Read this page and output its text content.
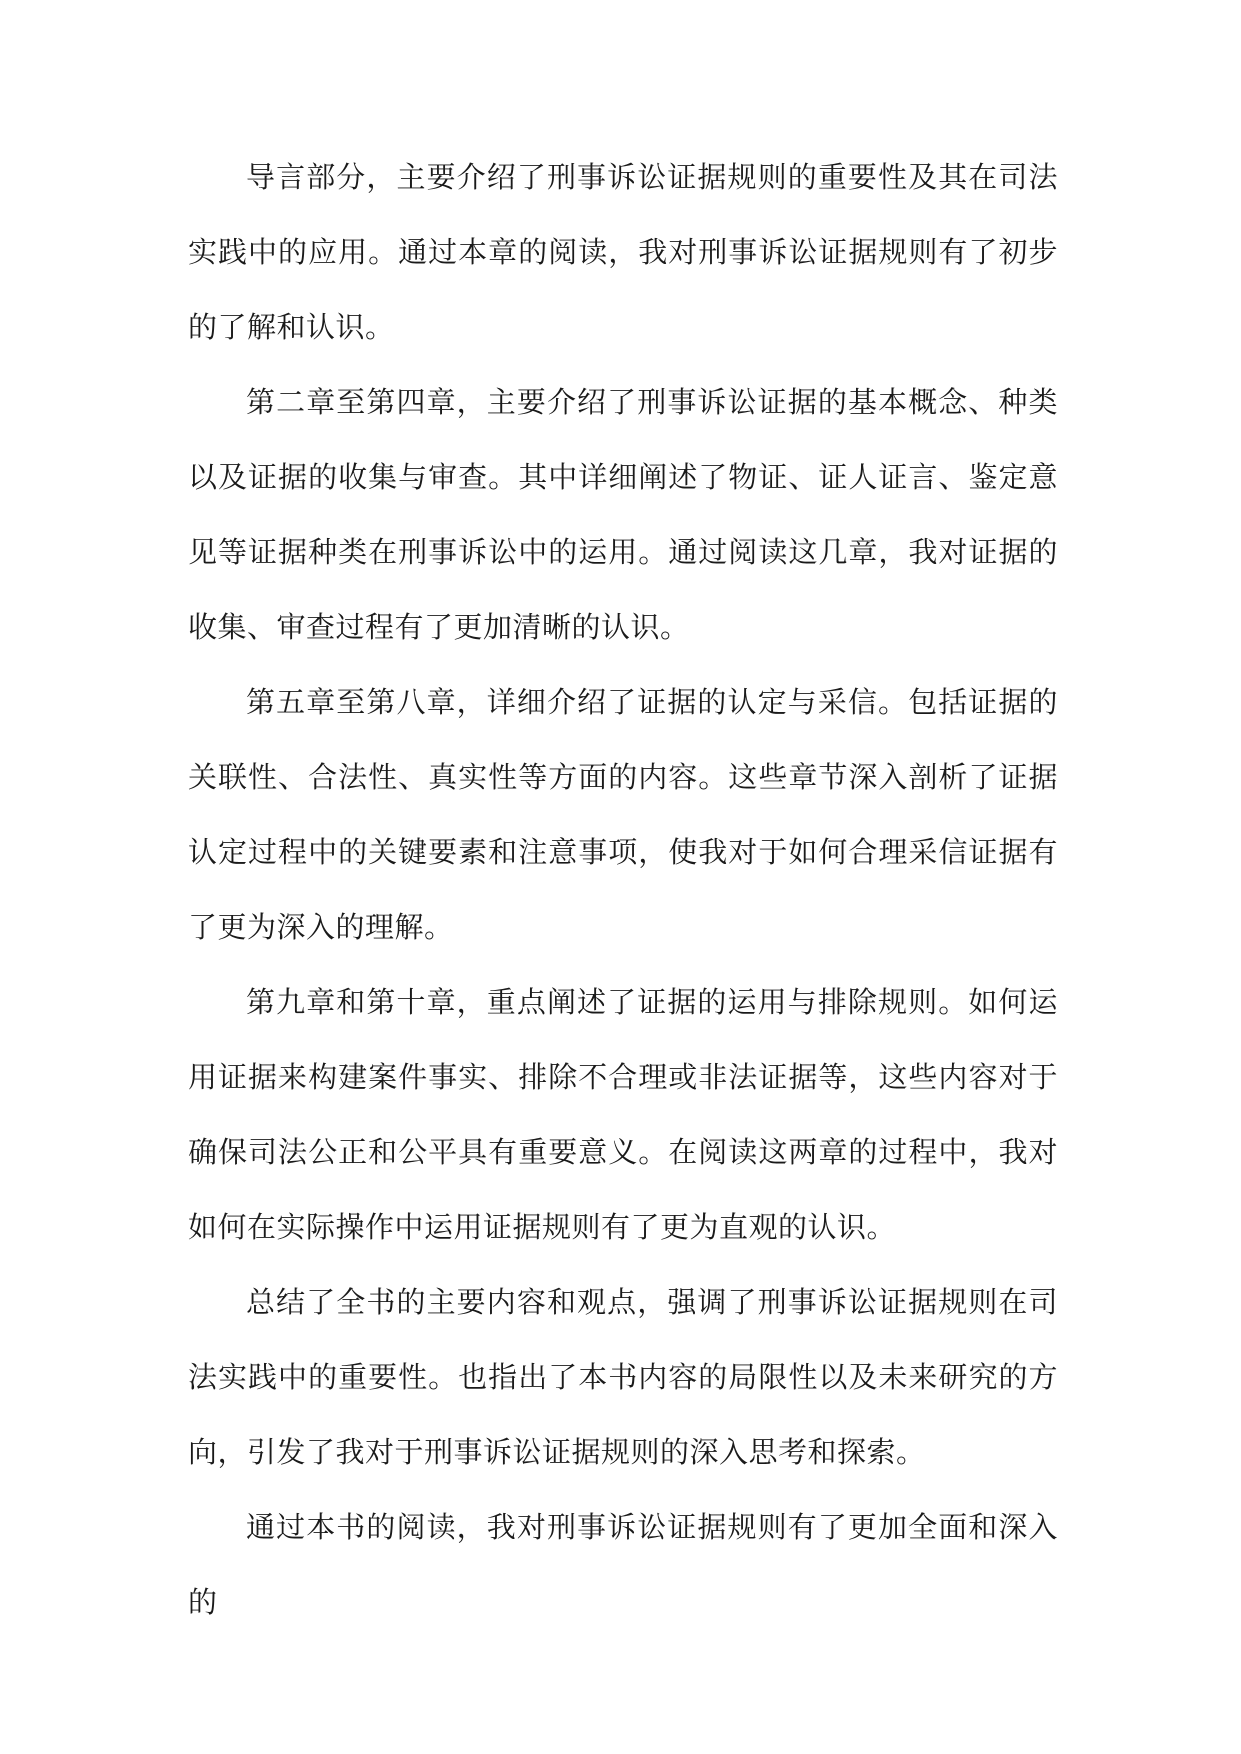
导言部分，主要介绍了刑事诉讼证据规则的重要性及其在司法实践中的应用。通过本章的阅读，我对刑事诉讼证据规则有了初步的了解和认识。

第二章至第四章，主要介绍了刑事诉讼证据的基本概念、种类以及证据的收集与审查。其中详细阐述了物证、证人证言、鉴定意见等证据种类在刑事诉讼中的运用。通过阅读这几章，我对证据的收集、审查过程有了更加清晰的认识。

第五章至第八章，详细介绍了证据的认定与采信。包括证据的关联性、合法性、真实性等方面的内容。这些章节深入剖析了证据认定过程中的关键要素和注意事项，使我对于如何合理采信证据有了更为深入的理解。

第九章和第十章，重点阐述了证据的运用与排除规则。如何运用证据来构建案件事实、排除不合理或非法证据等，这些内容对于确保司法公正和公平具有重要意义。在阅读这两章的过程中，我对如何在实际操作中运用证据规则有了更为直观的认识。

总结了全书的主要内容和观点，强调了刑事诉讼证据规则在司法实践中的重要性。也指出了本书内容的局限性以及未来研究的方向，引发了我对于刑事诉讼证据规则的深入思考和探索。

通过本书的阅读，我对刑事诉讼证据规则有了更加全面和深入的
